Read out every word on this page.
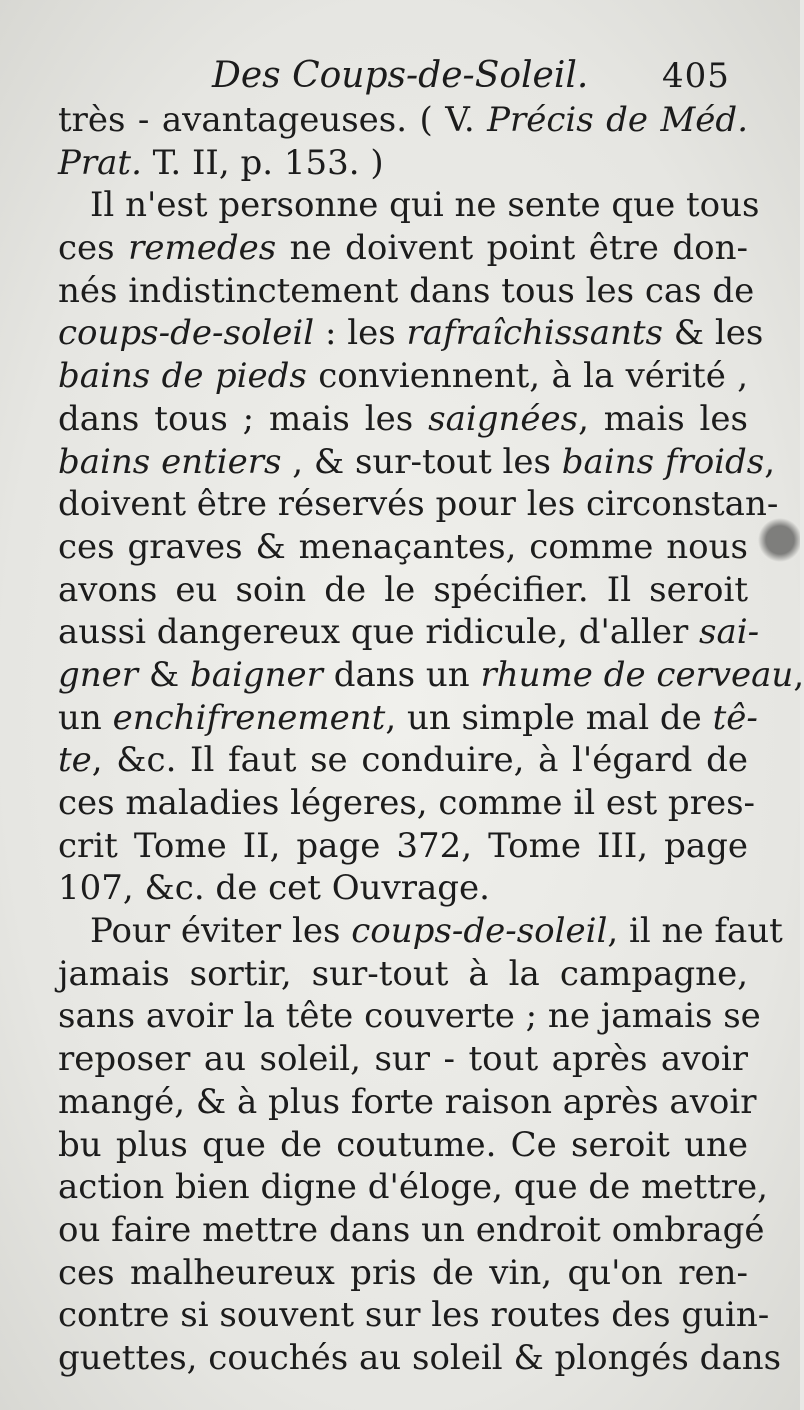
Des Coups-de-Soleil. 405
très - avantageuses. ( V. Précis de Méd.
Prat. T. II, p. 153. )
Il n'est personne qui ne sente que tous
ces remedes ne doivent point être don-
nés indistinctement dans tous les cas de
coups-de-soleil : les rafraîchissants & les
bains de pieds conviennent, à la vérité ,
dans tous ; mais les saignées, mais les
bains entiers , & sur-tout les bains froids,
doivent être réservés pour les circonstan-
ces graves & menaçantes, comme nous
avons eu soin de le spécifier. Il seroit
aussi dangereux que ridicule, d'aller sai-
gner & baigner dans un rhume de cerveau,
un enchifrenement, un simple mal de tê-
te, &c. Il faut se conduire, à l'égard de
ces maladies légeres, comme il est pres-
crit Tome II, page 372, Tome III, page
107, &c. de cet Ouvrage.
Pour éviter les coups-de-soleil, il ne faut
jamais sortir, sur-tout à la campagne,
sans avoir la tête couverte ; ne jamais se
reposer au soleil, sur - tout après avoir
mangé, & à plus forte raison après avoir
bu plus que de coutume. Ce seroit une
action bien digne d'éloge, que de mettre,
ou faire mettre dans un endroit ombragé
ces malheureux pris de vin, qu'on ren-
contre si souvent sur les routes des guin-
guettes, couchés au soleil & plongés dans
